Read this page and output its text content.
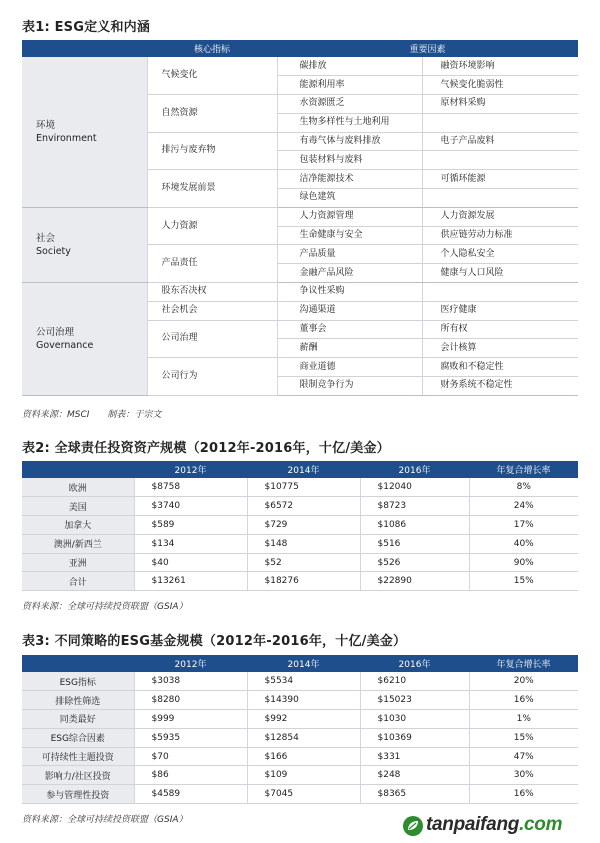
表1: ESG定义和内涵
	核心指标	重要因素	

环境
Environment	气候变化	碳排放	融资环境影响
		能源利用率	气候变化脆弱性
	自然资源	水资源匮乏	原材料采购
		生物多样性与土地利用	
	排污与废弃物	有毒气体与废料排放	电子产品废料
		包装材料与废料	
	环境发展前景	洁净能源技术	可循环能源
		绿色建筑	

社会
Society	人力资源	人力资源管理	人力资源发展
		生命健康与安全	供应链劳动力标准
	产品责任	产品质量	个人隐私安全
		金融产品风险	健康与人口风险

公司治理
Governance	股东否决权	争议性采购	
	社会机会	沟通渠道	医疗健康
	公司治理	董事会	所有权
		薪酬	会计核算
	公司行为	商业道德	腐败和不稳定性
		限制竞争行为	财务系统不稳定性
资料来源：MSCI　　制表：于宗文
表2: 全球责任投资资产规模（2012年-2016年，十亿/美金）
	2012年	2014年	2016年	年复合增长率
欧洲	$8758	$10775	$12040	8%
美国	$3740	$6572	$8723	24%
加拿大	$589	$729	$1086	17%
澳洲/新西兰	$134	$148	$516	40%
亚洲	$40	$52	$526	90%
合计	$13261	$18276	$22890	15%
资料来源：全球可持续投资联盟（GSIA）
表3: 不同策略的ESG基金规模（2012年-2016年，十亿/美金）
	2012年	2014年	2016年	年复合增长率
ESG指标	$3038	$5534	$6210	20%
排除性筛选	$8280	$14390	$15023	16%
同类最好	$999	$992	$1030	1%
ESG综合因素	$5935	$12854	$10369	15%
可持续性主题投资	$70	$166	$331	47%
影响力/社区投资	$86	$109	$248	30%
参与管理性投资	$4589	$7045	$8365	16%
资料来源：全球可持续投资联盟（GSIA）	tanpaifang.com
